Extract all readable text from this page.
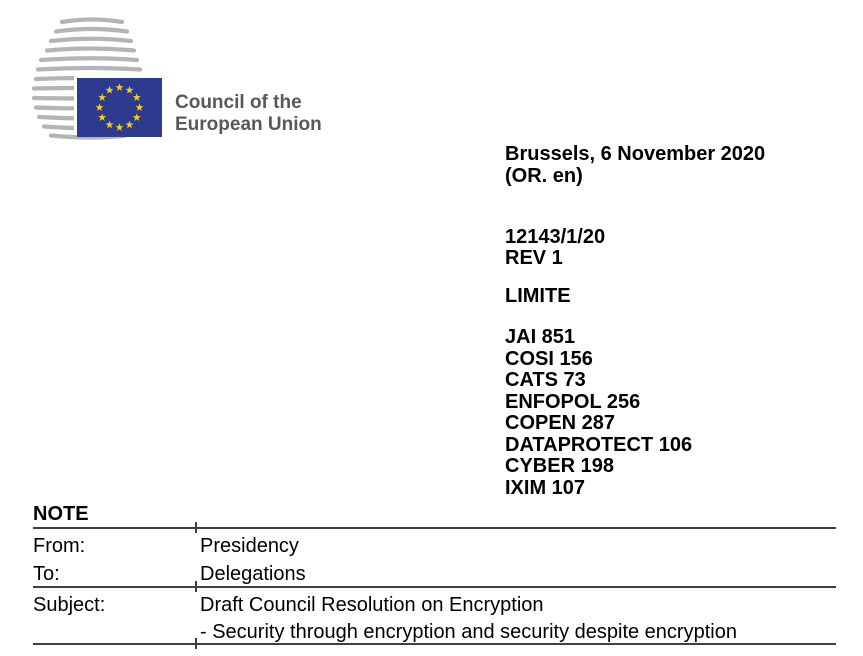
Council of the
European Union
Brussels, 6 November 2020
(OR. en)
12143/1/20
REV 1
LIMITE
JAI 851
COSI 156
CATS 73
ENFOPOL 256
COPEN 287
DATAPROTECT 106
CYBER 198
IXIM 107
NOTE
From:	Presidency
To:	Delegations
Subject:	Draft Council Resolution on Encryption
- Security through encryption and security despite encryption
